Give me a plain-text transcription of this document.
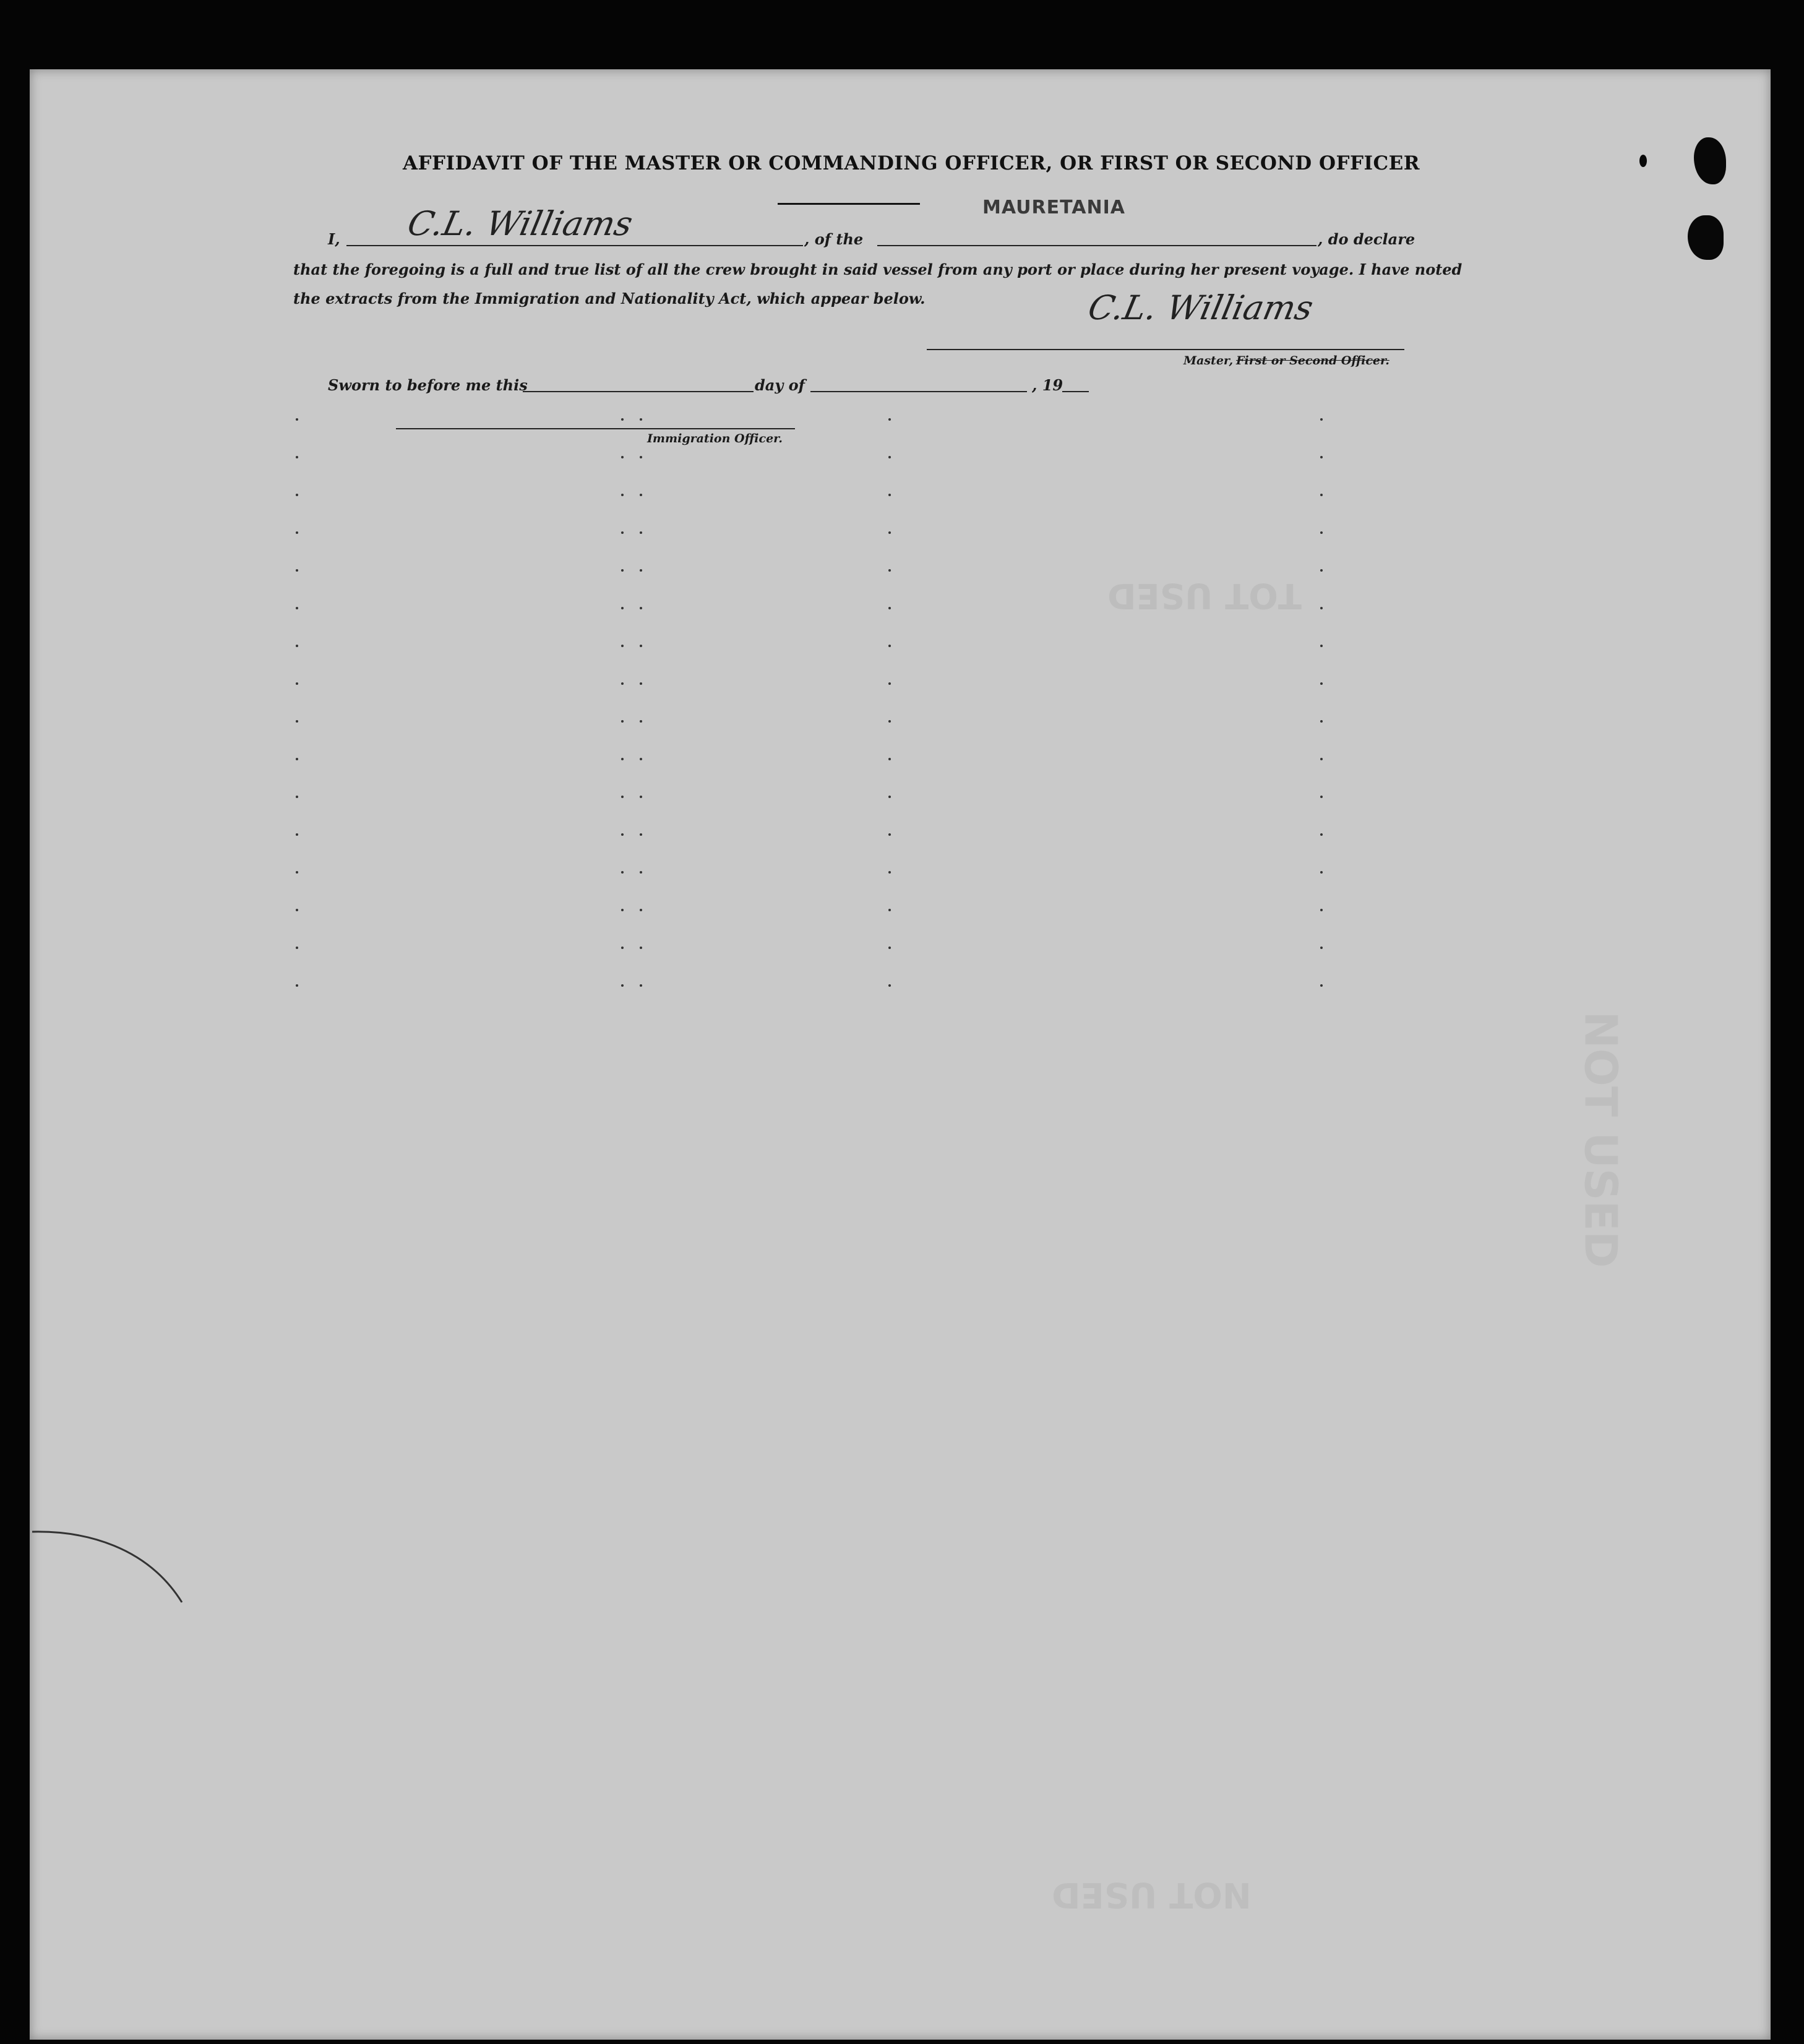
TOT USED
NOT USED
NOT USED
AFFIDAVIT OF THE MASTER OR COMMANDING OFFICER, OR FIRST OR SECOND OFFICER
I, C.L. Williams	, of the
MAURETANIA
, do declare
that the foregoing is a full and true list of all the crew brought in said vessel from any port or place during her present voyage. I have noted
the extracts from the Immigration and Nationality Act, which appear below.	C.L. Williams
Master, First or Second Officer.
Sworn to before me this	day of	, 19
Immigration Officer.
